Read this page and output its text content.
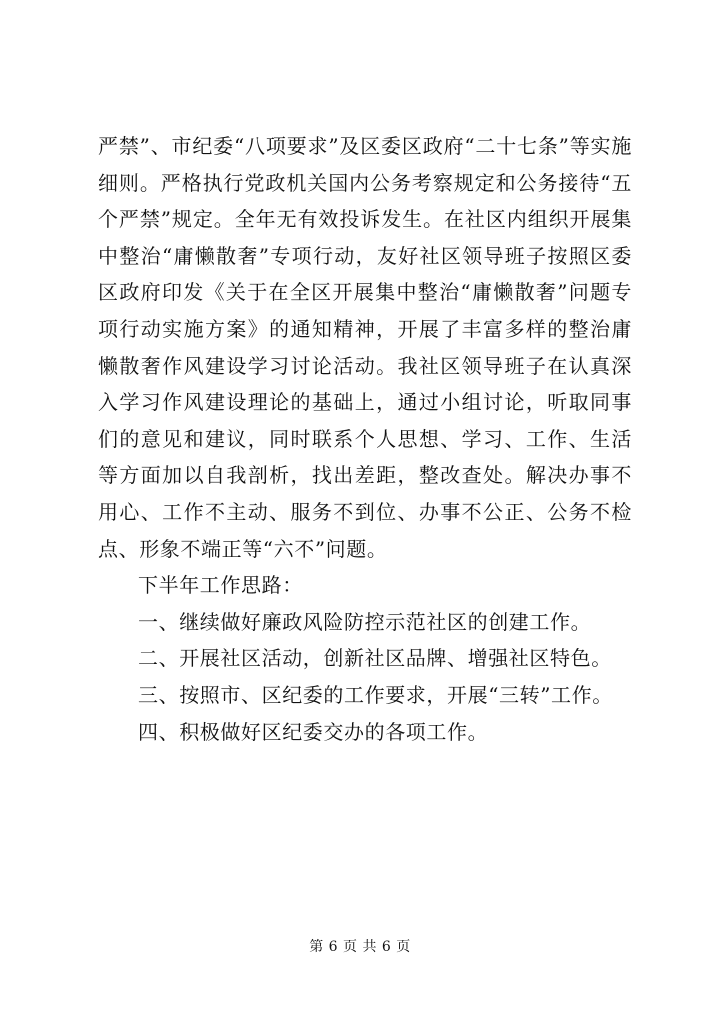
严禁”、市纪委“八项要求”及区委区政府“二十七条”等实施细则。严格执行党政机关国内公务考察规定和公务接待“五个严禁”规定。全年无有效投诉发生。在社区内组织开展集中整治“庸懒散奢”专项行动，友好社区领导班子按照区委区政府印发《关于在全区开展集中整治“庸懒散奢”问题专项行动实施方案》的通知精神，开展了丰富多样的整治庸懒散奢作风建设学习讨论活动。我社区领导班子在认真深入学习作风建设理论的基础上，通过小组讨论，听取同事们的意见和建议，同时联系个人思想、学习、工作、生活等方面加以自我剖析，找出差距，整改查处。解决办事不用心、工作不主动、服务不到位、办事不公正、公务不检点、形象不端正等“六不”问题。

下半年工作思路：

一、继续做好廉政风险防控示范社区的创建工作。

二、开展社区活动，创新社区品牌、增强社区特色。

三、按照市、区纪委的工作要求，开展“三转”工作。

四、积极做好区纪委交办的各项工作。

第 6 页 共 6 页
